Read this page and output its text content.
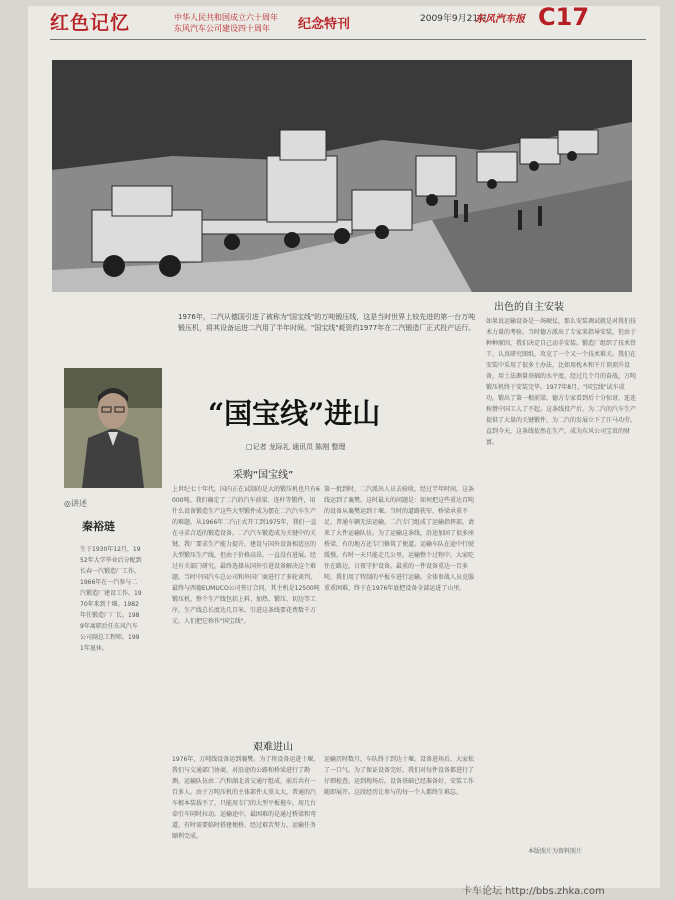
红色记忆	中华人民共和国成立六十周年
东风汽车公司建设四十周年	纪念特刊	2009年9月21日
东风汽车报 C17
1976年，二汽从德国引进了被称为"国宝线"的万吨锻压线，这是当时世界上较先进的第一台万吨锻压机，将其设备运进二汽用了半年时间。"国宝线"耗资约1977年在二汽锻造厂正式投产运行。
◎讲述
秦裕琏
生于1930年12月，1952年大学毕业后分配到长春一汽锻造厂工作。1966年在一汽参与二汽锻造厂建设工作。1970年来到十堰。1982年任锻造厂厂长。1989年离职后任东风汽车公司副总工程师，1991年退休。
“国宝线”进山
□记者 龙际礼 通讯员 陈刚 整理
采购“国宝线”
上世纪七十年代，国内正在试制的是大的锻压机也只有6000吨。我们确定了二汽的汽车前梁、连杆等锻件，用什么设备锻造生产这些大型锻件成为摆在二汽汽车生产的难题。从1966年二汽正式开工到1975年，我们一直在寻求合适的锻造设备。二汽汽车锻造成为关键中的关键，我厂要求生产能力提升，建设与国外设备相适应的大型锻压生产线，但由于价格高昂，一直没有进展。经过有关部门研究，最终选择从国外引进设备解决这个难题。当时中国汽车总公司和外国厂商进行了多轮谈判，最终与西德EUMUCO公司签订合同，其主机是12500吨锻压机，整个生产线包括上料、加热、锻压、切边等工序，生产线总长度达几百米。引进这条线要花费数千万元，人们把它称作"国宝线"。
第一批到时，二汽派出人员去验收，经过半年时间，这条线运到了襄樊。这时最大的问题是：如何把这些重达百吨的设备从襄樊运到十堰。当时的道路狭窄、桥梁承重不足，普通车辆无法运输。二汽专门组成了运输指挥部，请来了大件运输队伍。为了运输这条线，沿途加固了很多座桥梁，有的地方还专门修筑了便道。运输车队在途中行驶缓慢，有时一天只能走几公里。运输整个过程中，大家吃住在路边，日夜守护设备。最重的一件设备重达一百多吨，我们用了特制的平板车进行运输。全体参战人员克服重重困难，终于在1976年底把设备全部运进了山里。
艰难进山
1976年，万吨线设备运到襄樊。为了将设备运进十堰，我们与交通部门协商，对沿途的公路和桥梁进行了勘测。运输队伍由二汽和湖北省交通厅组成，前后共有一百多人。由于万吨压机的主体部件太重太大，普通的汽车根本装载不了，只能用专门的大型平板拖车，用几台牵引车同时拉动。运输途中，最困难的是通过桥梁和弯道，有时需要临时搭建便桥。经过艰苦努力，运输任务顺利完成。
运输历时数月，车队终于到达十堰。设备进场后，大家松了一口气。为了保证设备完好，我们对每件设备都进行了仔细检查。运到现场后，设备基础已经准备好，安装工作随即展开。这段经历让参与的每一个人都终生难忘。
出色的自主安装
如果说运输设备是一场硬仗，那么安装调试就是对我们技术力量的考验。当时德方派出了专家来指导安装，但由于种种原因，我们决定自己动手安装。锻造厂组织了技术骨干，认真研究图纸，攻克了一个又一个技术难关。我们在安装中采用了很多土办法，比如用枕木和千斤顶顶升设备，用土法测量基础的水平度。经过几个月的奋战，万吨锻压机终于安装完毕。1977年8月，"国宝线"试车成功，锻出了第一根前梁。德方专家看到后十分惊讶，连连称赞中国工人了不起。这条线投产后，为二汽的汽车生产提供了大量的关键锻件，为二汽的发展立下了汗马功劳。直到今天，这条线依然在生产，成为东风公司宝贵的财富。
本版照片为资料照片
卡车论坛 http://bbs.zhka.com
